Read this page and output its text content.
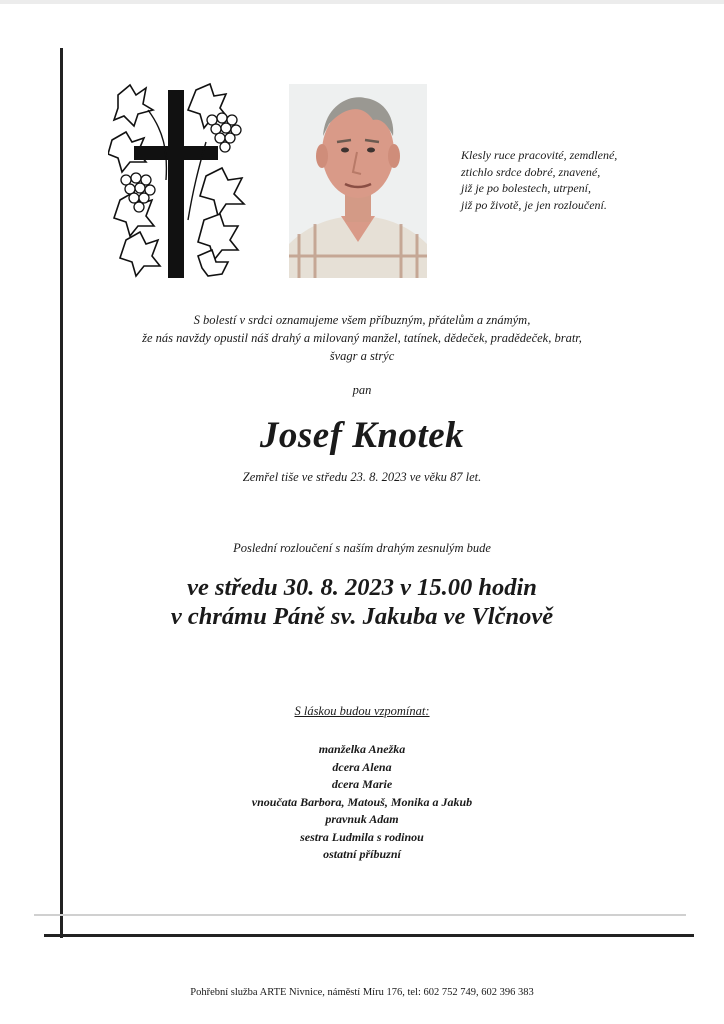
Klesly ruce pracovité, zemdlené,
ztichlo srdce dobré, znavené,
již je po bolestech, utrpení,
již po životě, je jen rozloučení.
S bolestí v srdci oznamujeme všem příbuzným, přátelům a známým,
že nás navždy opustil náš drahý a milovaný manžel, tatínek, dědeček, pradědeček, bratr,
švagr a strýc
pan
Josef Knotek
Zemřel tiše ve středu 23. 8. 2023 ve věku 87 let.
Poslední rozloučení s naším drahým zesnulým bude
ve středu 30. 8. 2023 v 15.00 hodin
v chrámu Páně sv. Jakuba ve Vlčnově
S láskou budou vzpomínat:
manželka Anežka
dcera Alena
dcera Marie
vnoučata Barbora, Matouš, Monika a Jakub
pravnuk Adam
sestra Ludmila s rodinou
ostatní příbuzní
Pohřební služba ARTE Nivnice, náměstí Míru 176, tel: 602 752 749, 602 396 383
